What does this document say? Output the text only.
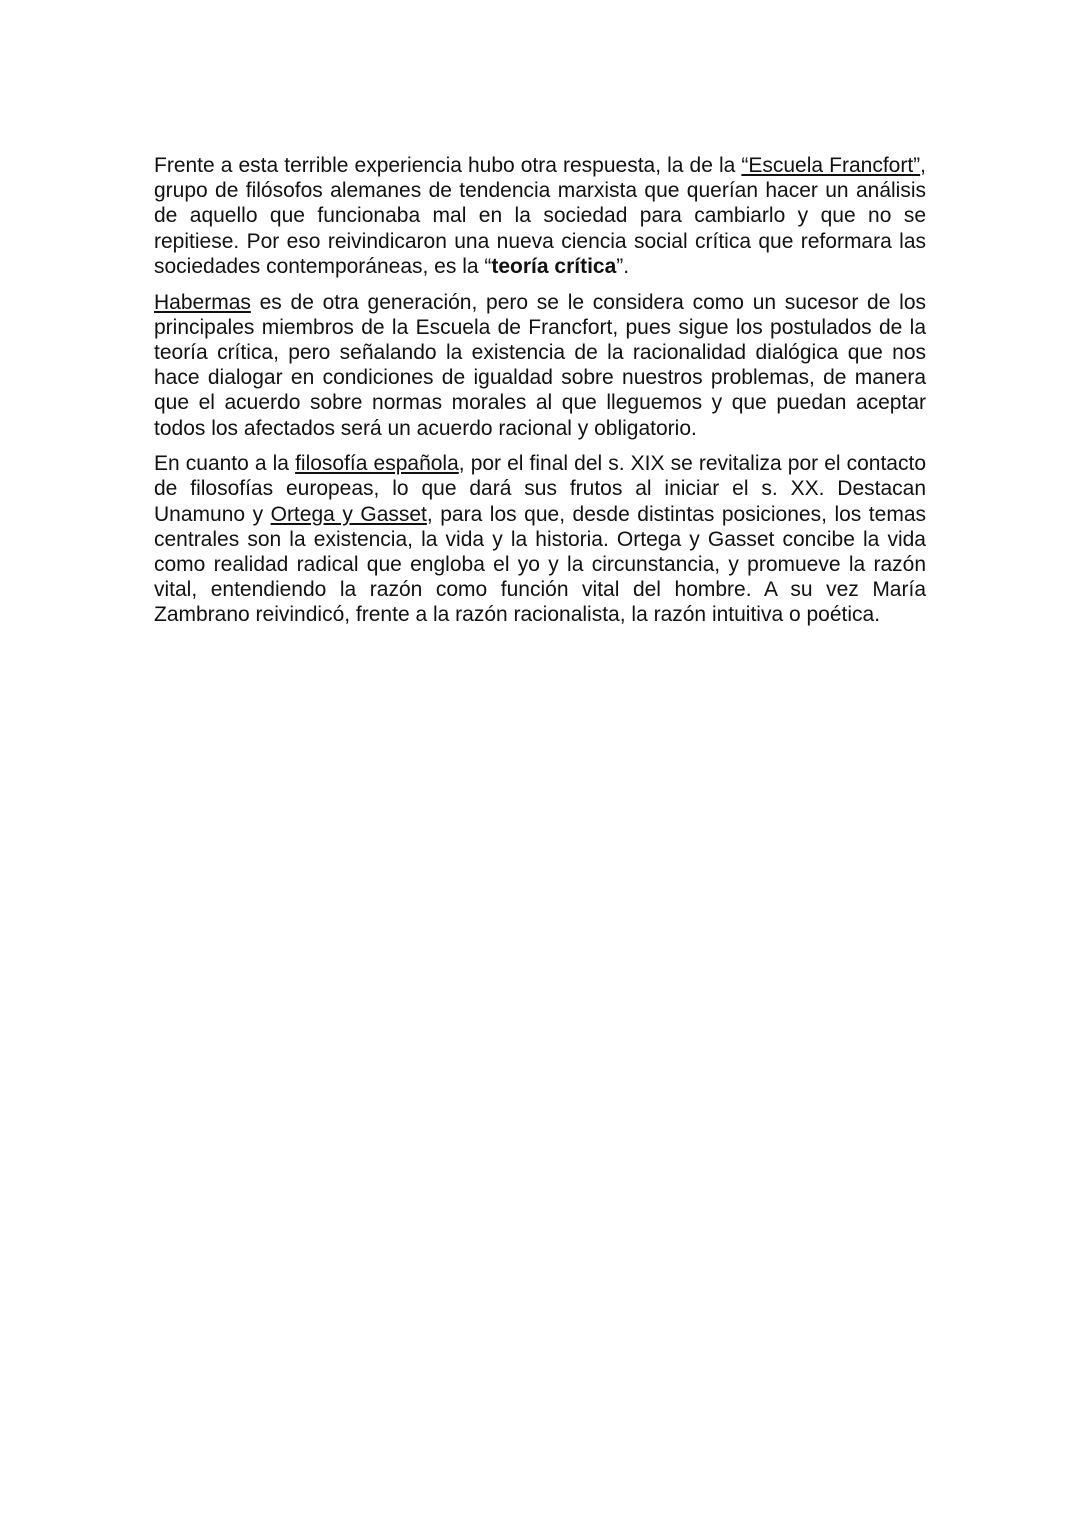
Frente a esta terrible experiencia hubo otra respuesta, la de la “Escuela Francfort”, grupo de filósofos alemanes de tendencia marxista que querían hacer un análisis de aquello que funcionaba mal en la sociedad para cambiarlo y que no se repitiese. Por eso reivindicaron una nueva ciencia social crítica que reformara las sociedades contemporáneas, es la “teoría crítica”.

Habermas es de otra generación, pero se le considera como un sucesor de los principales miembros de la Escuela de Francfort, pues sigue los postulados de la teoría crítica, pero señalando la existencia de la racionalidad dialógica que nos hace dialogar en condiciones de igualdad sobre nuestros problemas, de manera que el acuerdo sobre normas morales al que lleguemos y que puedan aceptar todos los afectados será un acuerdo racional y obligatorio.

En cuanto a la filosofía española, por el final del s. XIX se revitaliza por el contacto de filosofías europeas, lo que dará sus frutos al iniciar el s. XX. Destacan Unamuno y Ortega y Gasset, para los que, desde distintas posiciones, los temas centrales son la existencia, la vida y la historia. Ortega y Gasset concibe la vida como realidad radical que engloba el yo y la circunstancia, y promueve la razón vital, entendiendo la razón como función vital del hombre. A su vez María Zambrano reivindicó, frente a la razón racionalista, la razón intuitiva o poética.
